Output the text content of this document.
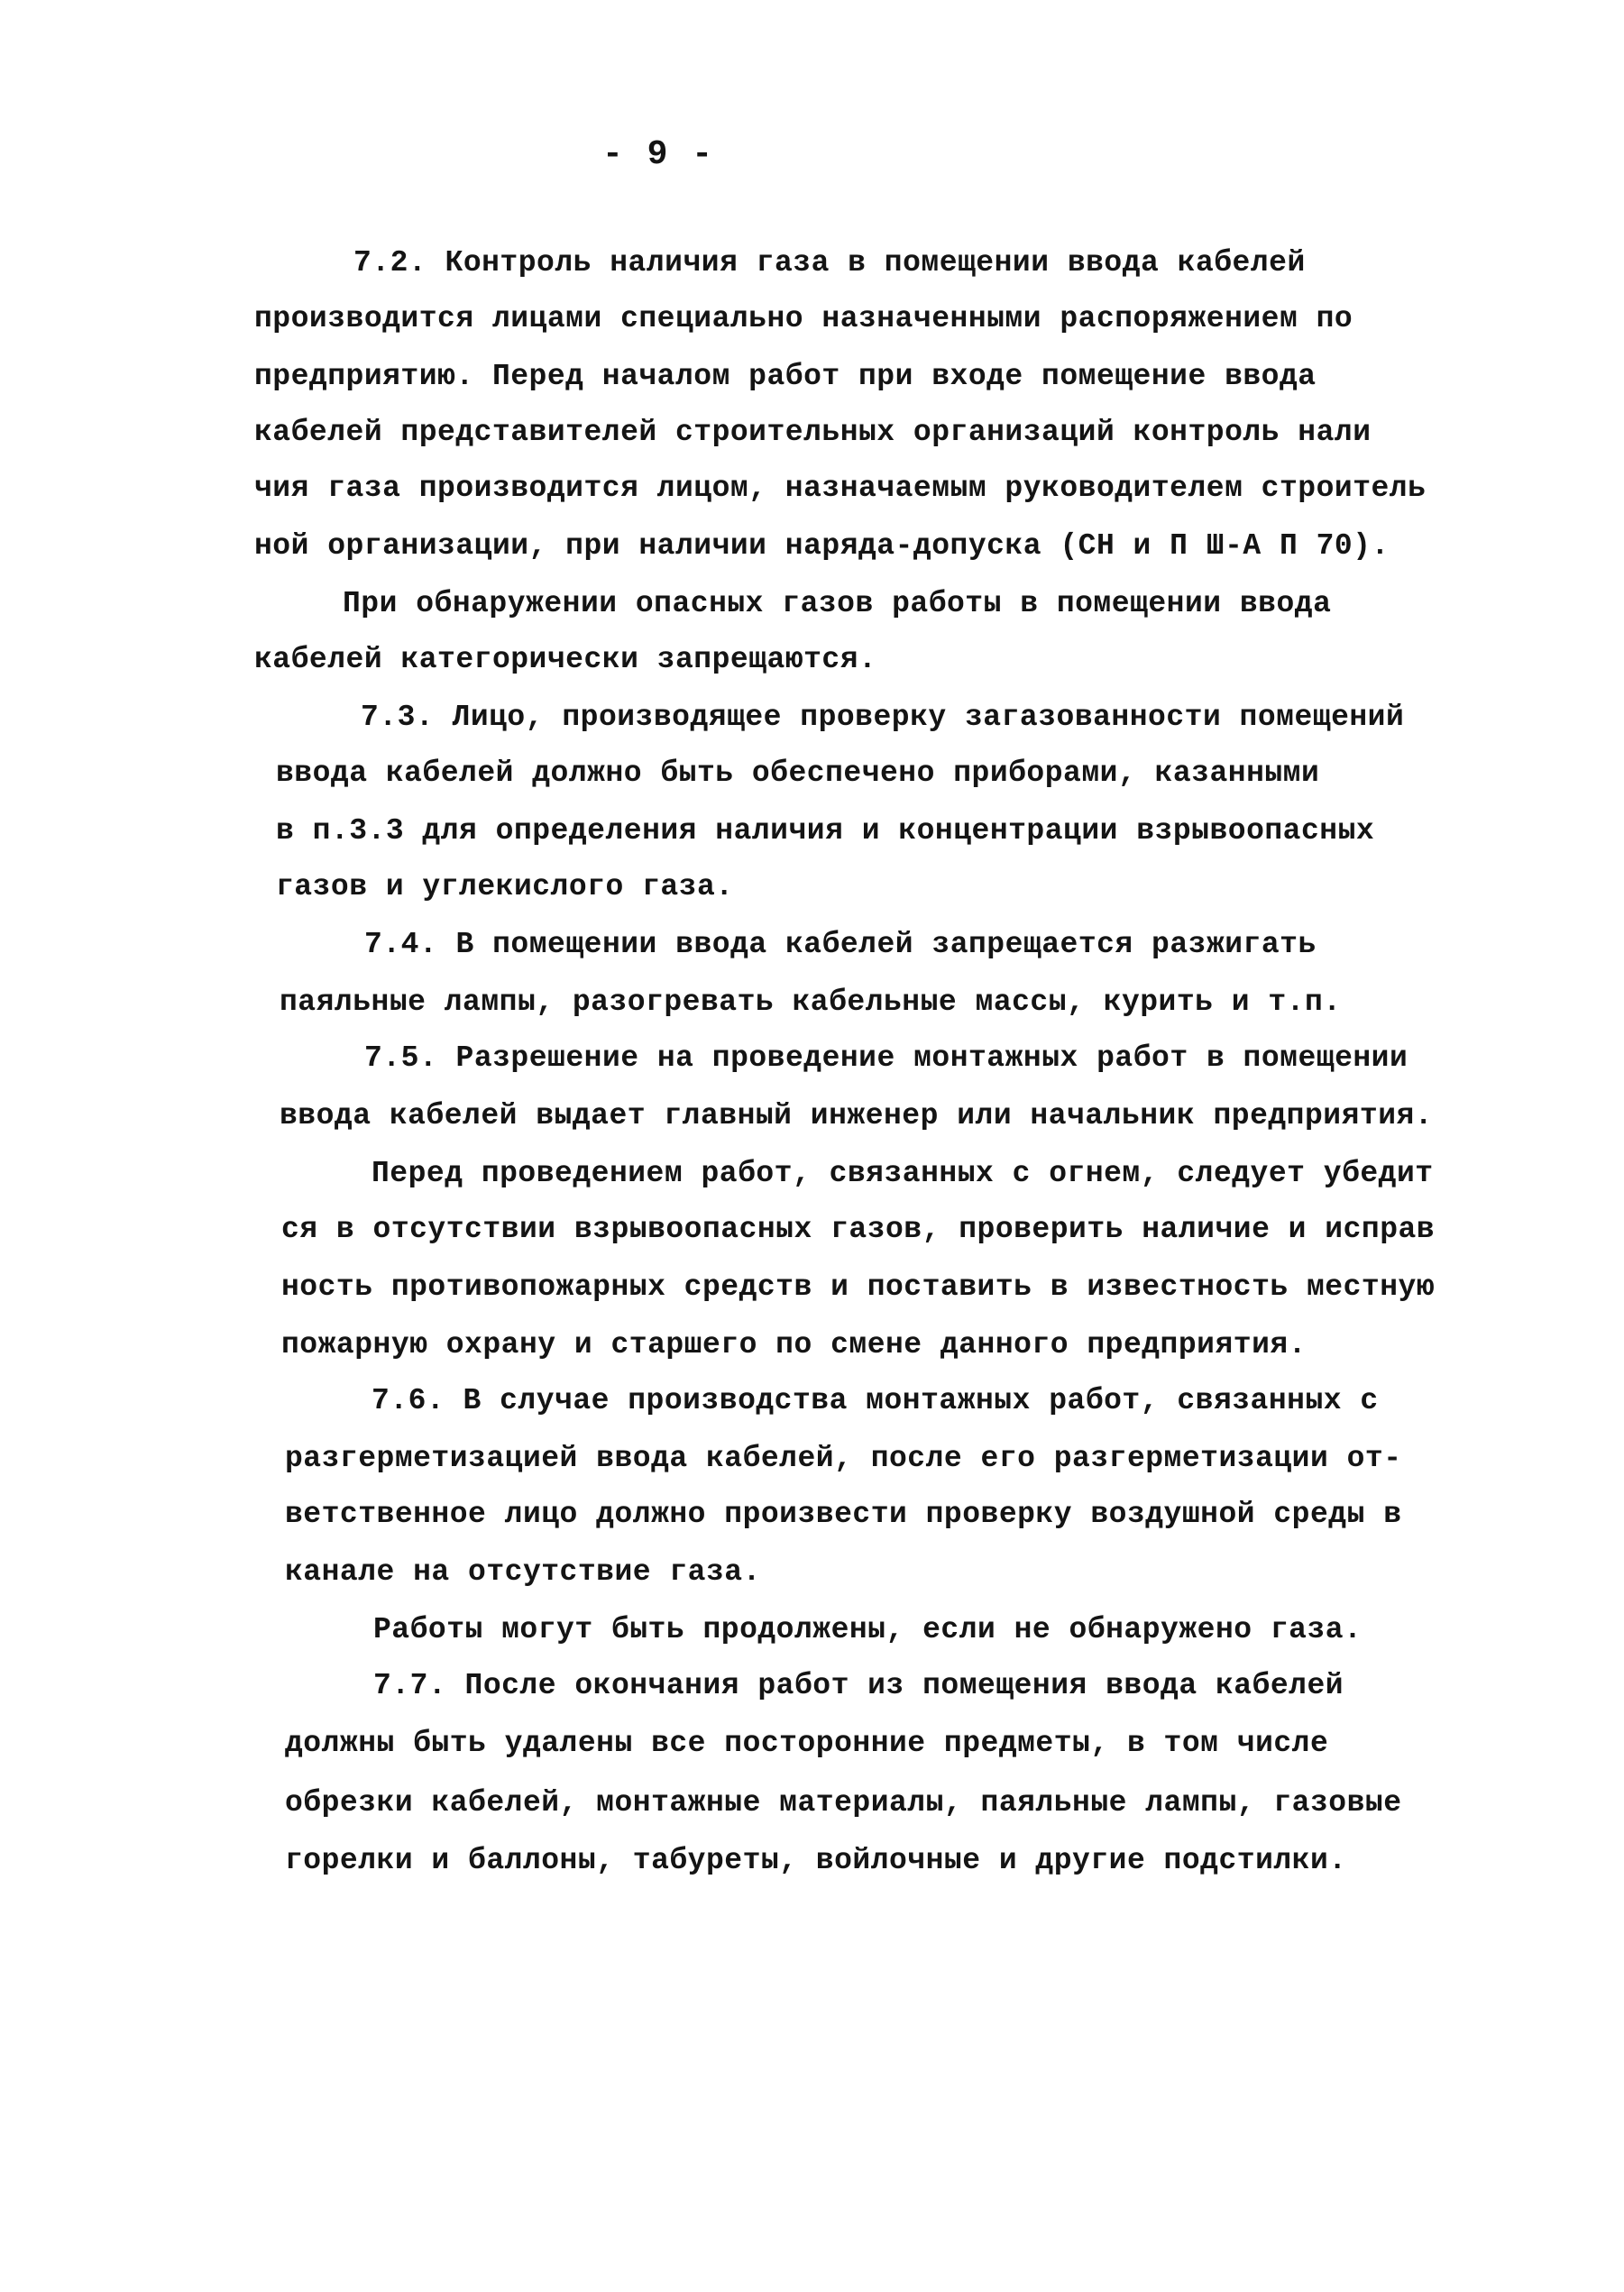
- 9 -
7.2. Контроль наличия газа в помещении ввода кабелей
производится лицами специально назначенными распоряжением по
предприятию. Перед началом работ при входе помещение ввода
кабелей представителей строительных организаций контроль нали
чия газа производится лицом, назначаемым руководителем строитель
ной организации, при наличии наряда-допуска (СН и П Ш-А П 70).
При обнаружении опасных газов работы в помещении ввода
кабелей категорически запрещаются.
7.3. Лицо, производящее проверку загазованности помещений
ввода кабелей должно быть обеспечено приборами, казанными
в п.3.3 для определения наличия и концентрации взрывоопасных
газов и углекислого газа.
7.4. В помещении ввода кабелей запрещается разжигать
паяльные лампы, разогревать кабельные массы, курить и т.п.
7.5. Разрешение на проведение монтажных работ в помещении
ввода кабелей выдает главный инженер или начальник предприятия.
Перед проведением работ, связанных с огнем, следует убедит
ся в отсутствии взрывоопасных газов, проверить наличие и исправ
ность противопожарных средств и поставить в известность местную
пожарную охрану и старшего по смене данного предприятия.
7.6. В случае производства монтажных работ, связанных с
разгерметизацией ввода кабелей, после его разгерметизации от-
ветственное лицо должно произвести проверку воздушной среды в
канале на отсутствие газа.
Работы могут быть продолжены, если не обнаружено газа.
7.7. После окончания работ из помещения ввода кабелей
должны быть удалены все посторонние предметы, в том числе
обрезки кабелей, монтажные материалы, паяльные лампы, газовые
горелки и баллоны, табуреты, войлочные и другие подстилки.
